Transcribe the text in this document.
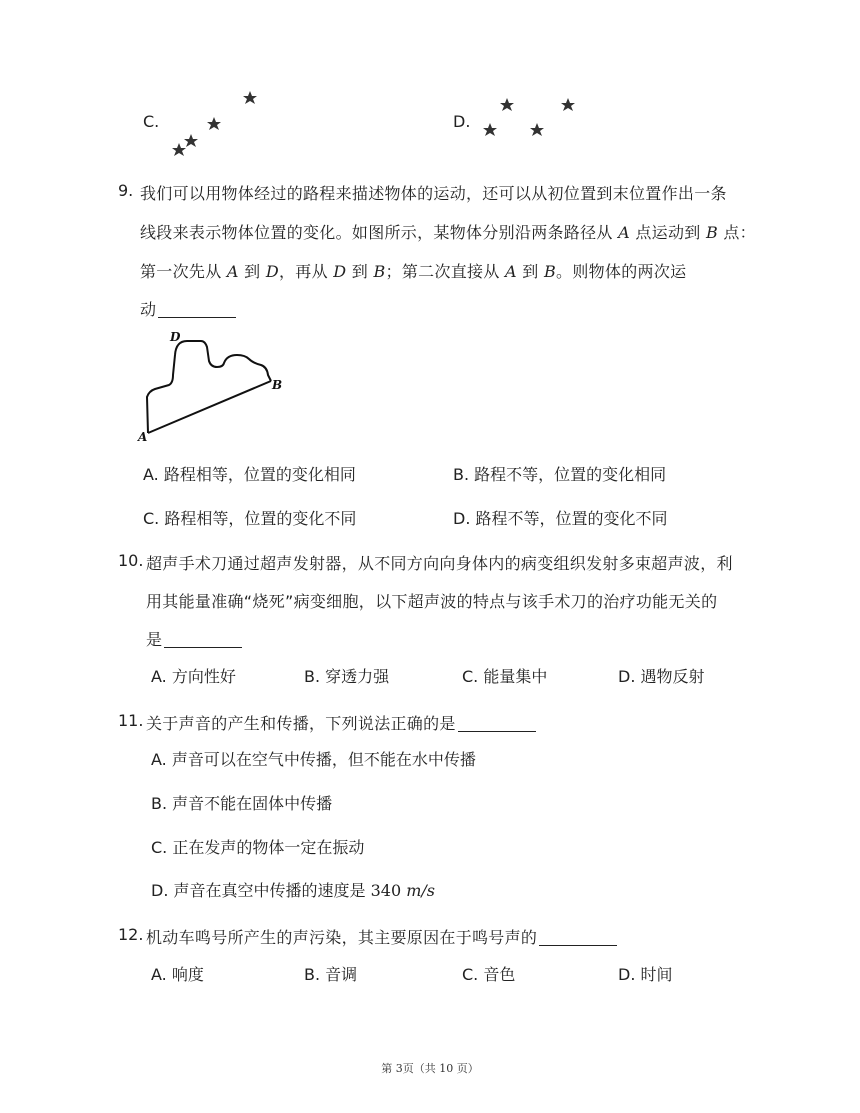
C.	D.
9. 我们可以用物体经过的路程来描述物体的运动，还可以从初位置到末位置作出一条
线段来表示物体位置的变化。如图所示，某物体分别沿两条路径从 A 点运动到 B 点：
第一次先从 A 到 D，再从 D 到 B；第二次直接从 A 到 B。则物体的两次运
动
A
B
D
A. 路程相等，位置的变化相同	B. 路程不等，位置的变化相同
C. 路程相等，位置的变化不同	D. 路程不等，位置的变化不同
10. 超声手术刀通过超声发射器，从不同方向向身体内的病变组织发射多束超声波，利
用其能量准确“烧死”病变细胞，以下超声波的特点与该手术刀的治疗功能无关的
是
A. 方向性好	B. 穿透力强	C. 能量集中	D. 遇物反射
11. 关于声音的产生和传播，下列说法正确的是
A. 声音可以在空气中传播，但不能在水中传播
B. 声音不能在固体中传播
C. 正在发声的物体一定在振动
D. 声音在真空中传播的速度是 340 m/s
12. 机动车鸣号所产生的声污染，其主要原因在于鸣号声的
A. 响度	B. 音调	C. 音色	D. 时间
第 3页（共 10 页）
